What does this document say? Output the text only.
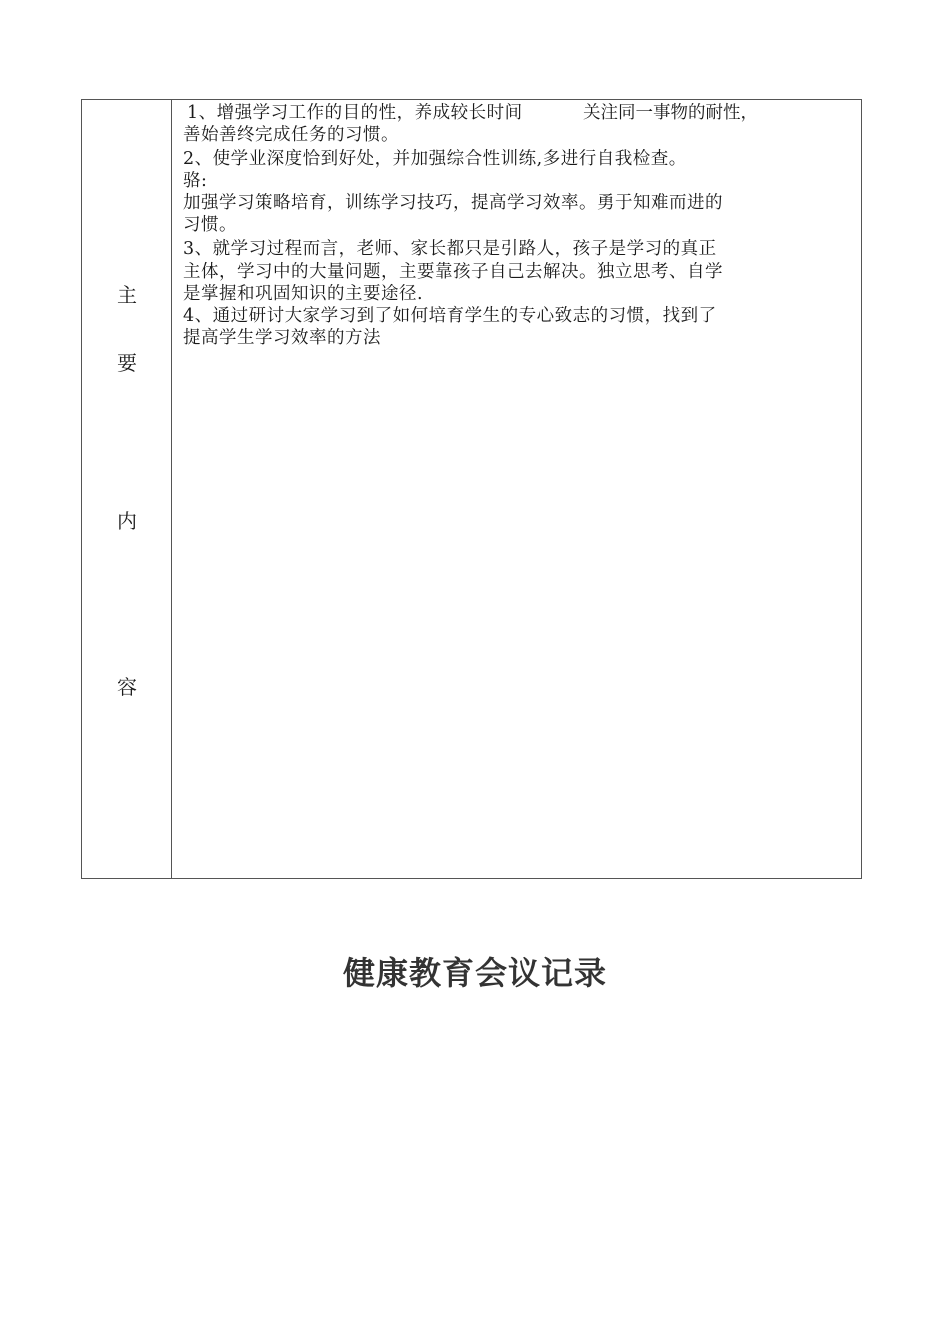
主
要
内
容
1、增强学习工作的目的性，养成较长时间	关注同一事物的耐性，
善始善终完成任务的习惯。
2、使学业深度恰到好处，并加强综合性训练,多进行自我检查。
骆:
加强学习策略培育，训练学习技巧，提高学习效率。勇于知难而进的
习惯。
3、就学习过程而言，老师、家长都只是引路人，孩子是学习的真正
主体，学习中的大量问题，主要靠孩子自己去解决。独立思考、自学
是掌握和巩固知识的主要途径.
4、通过研讨大家学习到了如何培育学生的专心致志的习惯，找到了
提高学生学习效率的方法
健康教育会议记录
